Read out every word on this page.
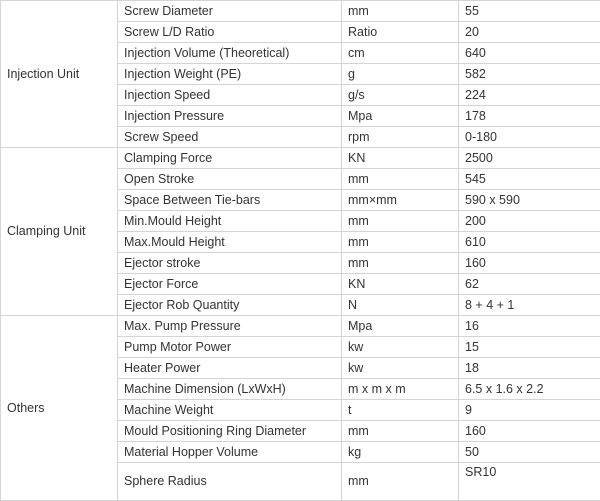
Injection Unit	Screw Diameter	mm	55
	Screw L/D Ratio	Ratio	20
	Injection Volume (Theoretical)	cm	640
	Injection Weight (PE)	g	582
	Injection Speed	g/s	224
	Injection Pressure	Mpa	178
	Screw Speed	rpm	0-180
Clamping Unit	Clamping Force	KN	2500
	Open Stroke	mm	545
	Space Between Tie-bars	mm×mm	590 x 590
	Min.Mould Height	mm	200
	Max.Mould Height	mm	610
	Ejector stroke	mm	160
	Ejector Force	KN	62
	Ejector Rob Quantity	N	8 + 4 + 1
Others	Max. Pump Pressure	Mpa	16
	Pump Motor Power	kw	15
	Heater Power	kw	18
	Machine Dimension (LxWxH)	m x m x m	6.5 x 1.6 x 2.2
	Machine Weight	t	9
	Mould Positioning Ring Diameter	mm	160
	Material Hopper Volume	kg	50
	Sphere Radius	mm	SR10
